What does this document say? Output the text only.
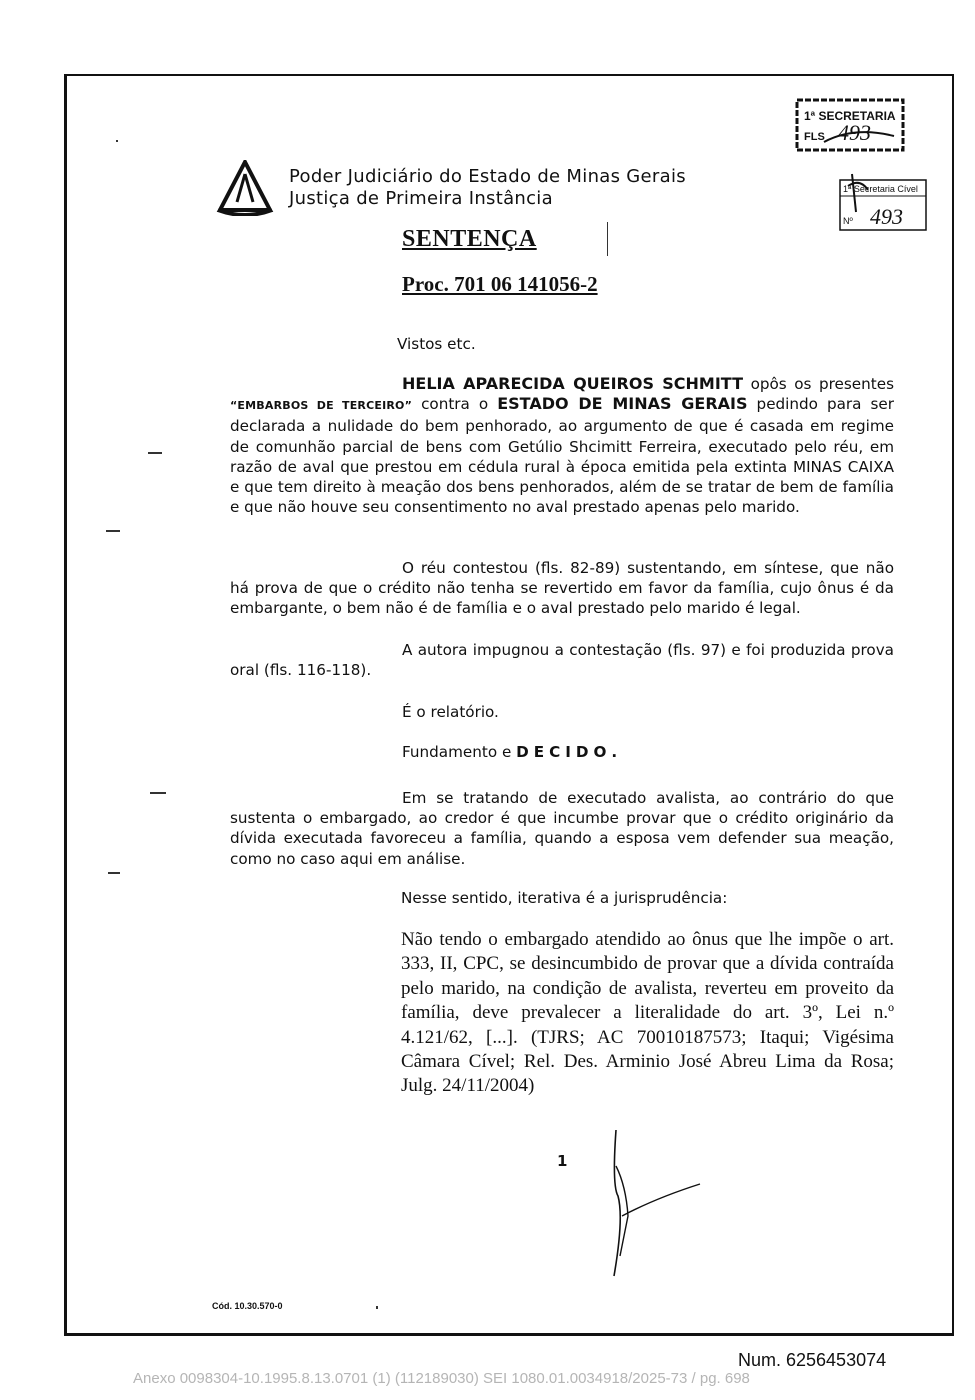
Poder Judiciário do Estado de Minas Gerais
Justiça de Primeira Instância
1ª SECRETARIA
FLS 493
1ª Secretaria Cível
Nº 493
SENTENÇA
Proc. 701 06 141056-2
Vistos etc.

HELIA APARECIDA QUEIROS SCHMITT opôs os presentes “EMBARBOS DE TERCEIRO” contra o ESTADO DE MINAS GERAIS pedindo para ser declarada a nulidade do bem penhorado, ao argumento de que é casada em regime de comunhão parcial de bens com Getúlio Shcimitt Ferreira, executado pelo réu, em razão de aval que prestou em cédula rural à época emitida pela extinta MINAS CAIXA e que tem direito à meação dos bens penhorados, além de se tratar de bem de família e que não houve seu consentimento no aval prestado apenas pelo marido.

O réu contestou (fls. 82-89) sustentando, em síntese, que não há prova de que o crédito não tenha se revertido em favor da família, cujo ônus é da embargante, o bem não é de família e o aval prestado pelo marido é legal.

A autora impugnou a contestação (fls. 97) e foi produzida prova oral (fls. 116-118).

É o relatório.
Fundamento e DECIDO.

Em se tratando de executado avalista, ao contrário do que sustenta o embargado, ao credor é que incumbe provar que o crédito originário da dívida executada favoreceu a família, quando a esposa vem defender sua meação, como no caso aqui em análise.

Nesse sentido, iterativa é a jurisprudência:
Não tendo o embargado atendido ao ônus que lhe impõe o art. 333, II, CPC, se desincumbido de provar que a dívida contraída pelo marido, na condição de avalista, reverteu em proveito da família, deve prevalecer a literalidade do art. 3º, Lei n.º 4.121/62, [...]. (TJRS; AC 70010187573; Itaqui; Vigésima Câmara Cível; Rel. Des. Arminio José Abreu Lima da Rosa; Julg. 24/11/2004)
1
Cód. 10.30.570-0
Num. 6256453074
Anexo 0098304-10.1995.8.13.0701 (1) (112189030) SEI 1080.01.0034918/2025-73 / pg. 698
